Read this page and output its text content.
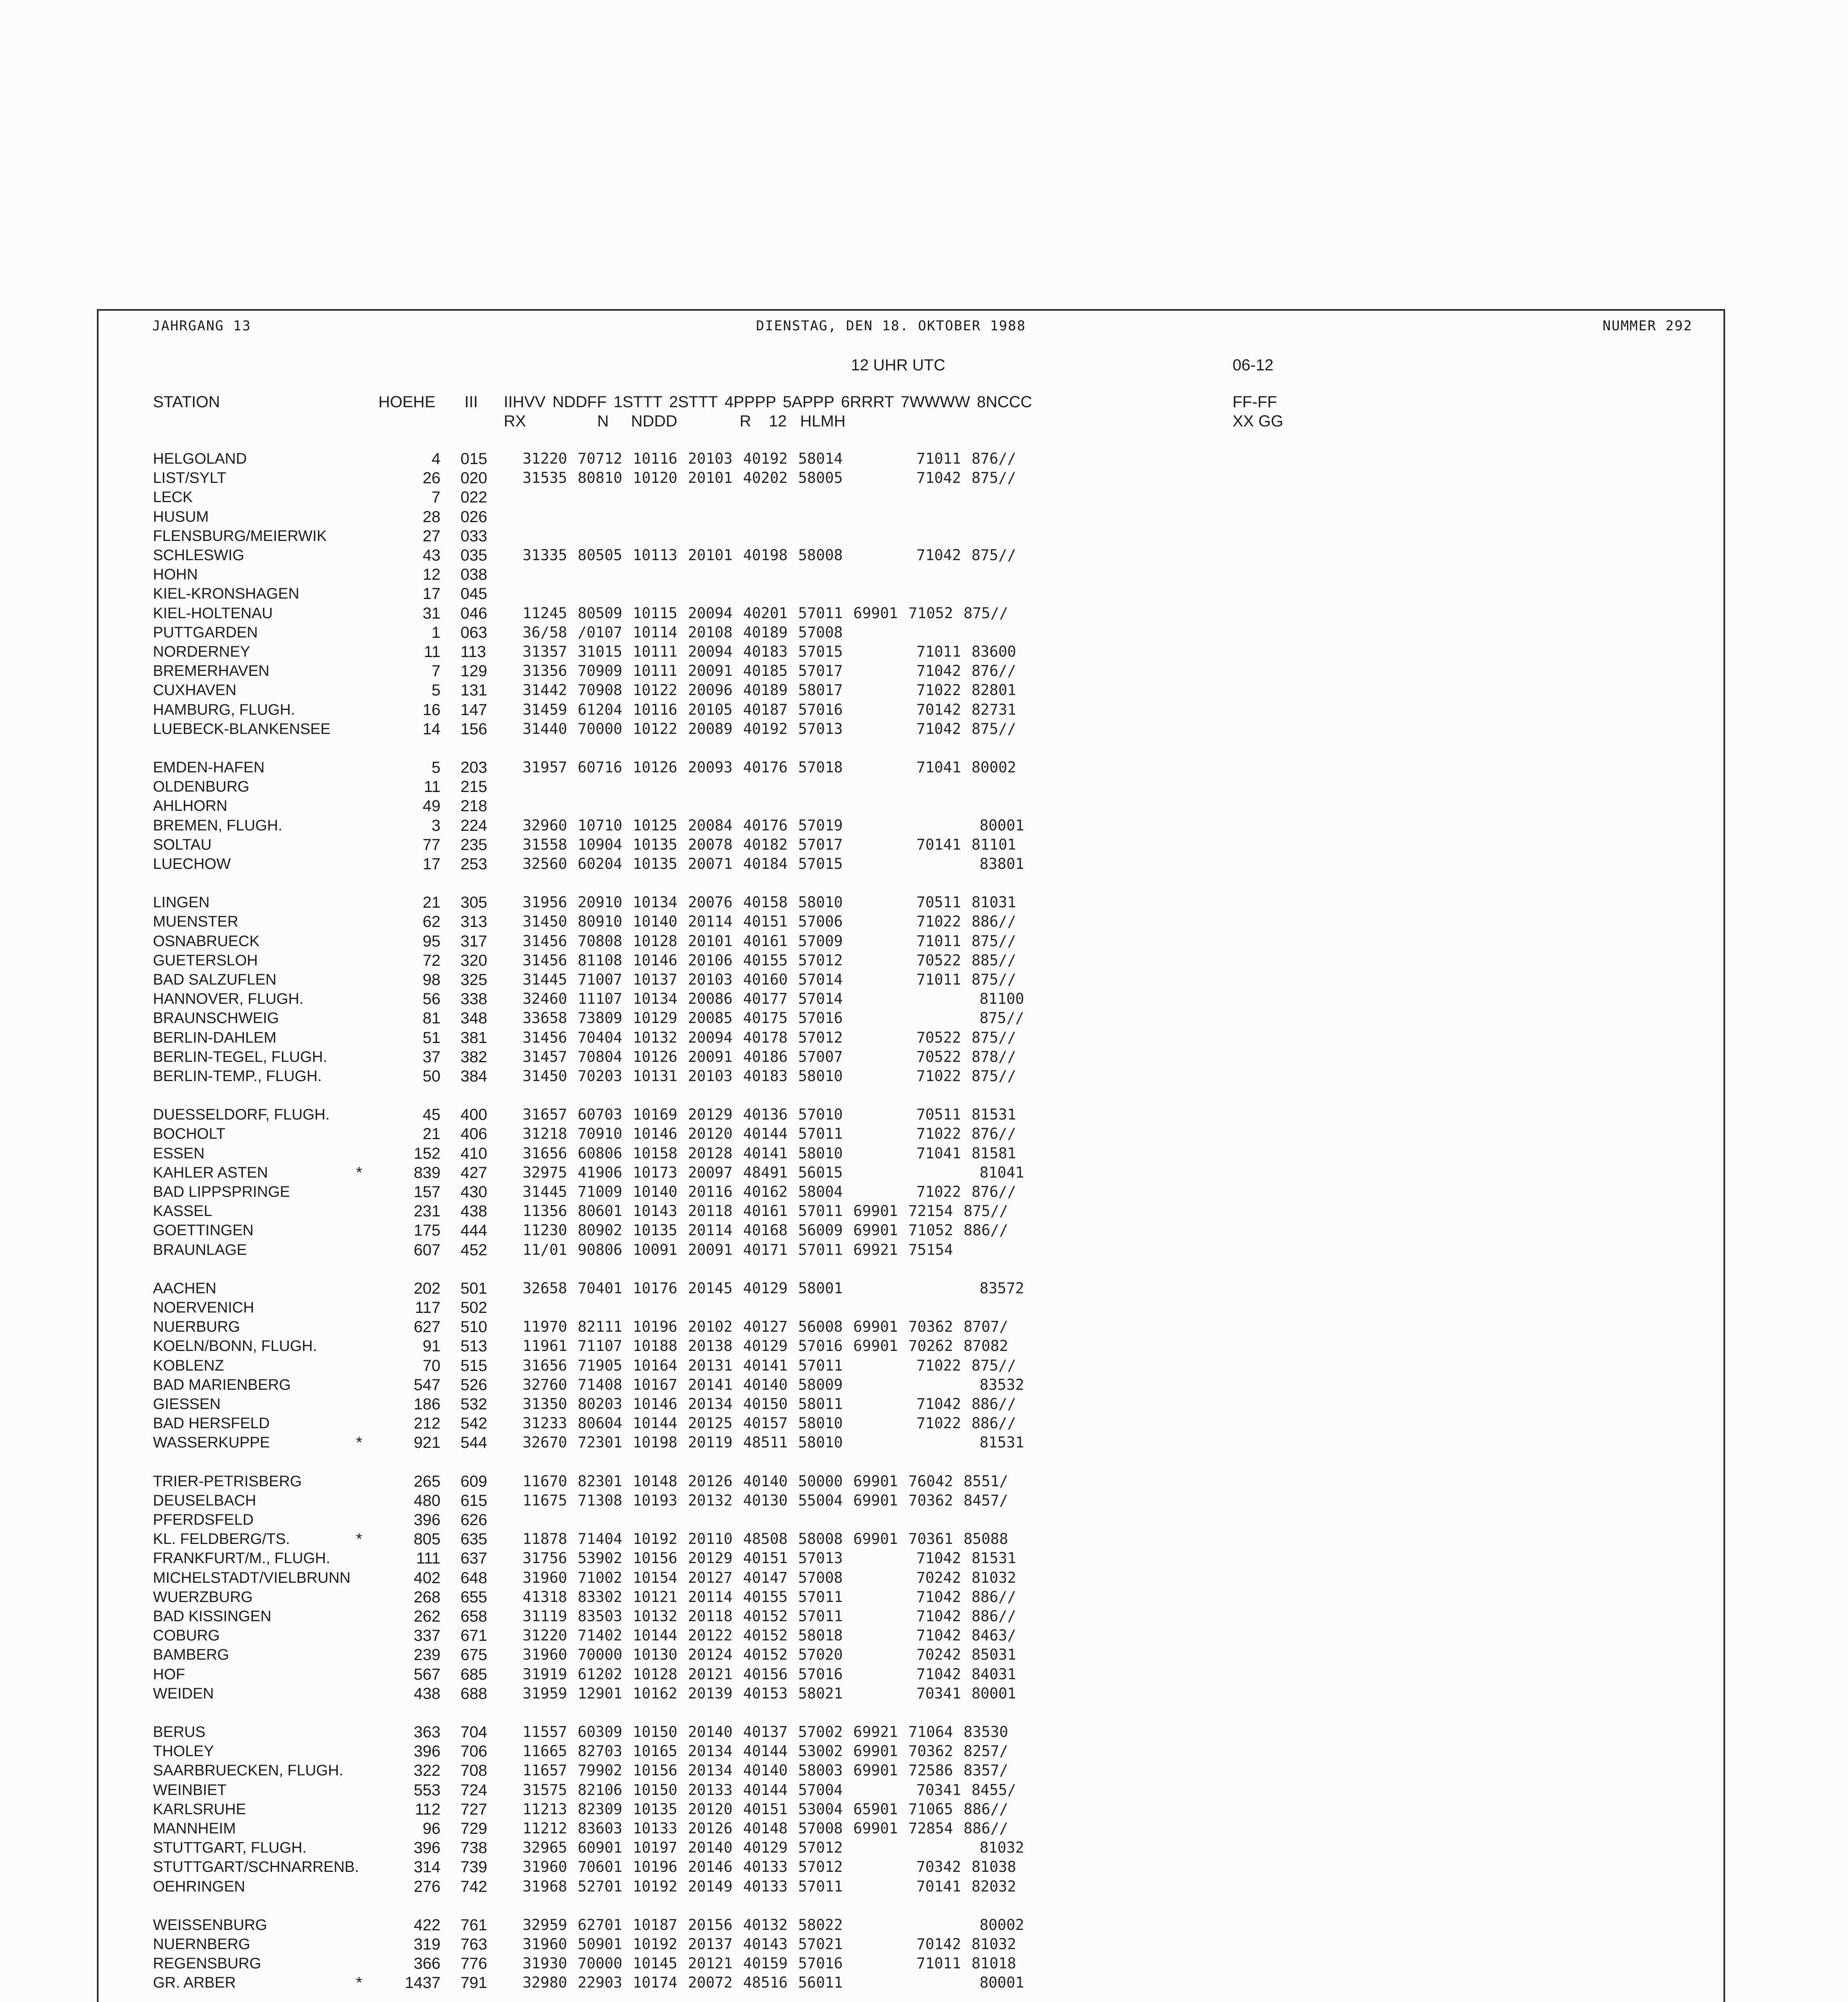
JAHRGANG 13	DIENSTAG, DEN 18. OKTOBER 1988	NUMMER 292
12 UHR UTC	06-12
STATION	HOEHE III IIHVV NDDFF 1STTT 2STTT 4PPPP 5APPP 6RRRT 7WWWW 8NCCC
RX                N     NDDD              R    12   HLMH
FF-FF
XX GG
HELGOLAND	4 015 31220 70712 10116 20103 40192 58014       71011 876//
LIST/SYLT	26 020 31535 80810 10120 20101 40202 58005       71042 875//
LECK	7 022
HUSUM	28 026
FLENSBURG/MEIERWIK	27 033
SCHLESWIG	43 035 31335 80505 10113 20101 40198 58008       71042 875//
HOHN	12 038
KIEL-KRONSHAGEN	17 045
KIEL-HOLTENAU	31 046 11245 80509 10115 20094 40201 57011 69901 71052 875//
PUTTGARDEN	1 063 36/58 /0107 10114 20108 40189 57008
NORDERNEY	11 113 31357 31015 10111 20094 40183 57015       71011 83600
BREMERHAVEN	7 129 31356 70909 10111 20091 40185 57017       71042 876//
CUXHAVEN	5 131 31442 70908 10122 20096 40189 58017       71022 82801
HAMBURG, FLUGH.	16 147 31459 61204 10116 20105 40187 57016       70142 82731
LUEBECK-BLANKENSEE	14 156 31440 70000 10122 20089 40192 57013       71042 875//
EMDEN-HAFEN	5 203 31957 60716 10126 20093 40176 57018       71041 80002
OLDENBURG	11 215
AHLHORN	49 218
BREMEN, FLUGH.	3 224 32960 10710 10125 20084 40176 57019             80001
SOLTAU	77 235 31558 10904 10135 20078 40182 57017       70141 81101
LUECHOW	17 253 32560 60204 10135 20071 40184 57015             83801
LINGEN	21 305 31956 20910 10134 20076 40158 58010       70511 81031
MUENSTER	62 313 31450 80910 10140 20114 40151 57006       71022 886//
OSNABRUECK	95 317 31456 70808 10128 20101 40161 57009       71011 875//
GUETERSLOH	72 320 31456 81108 10146 20106 40155 57012       70522 885//
BAD SALZUFLEN	98 325 31445 71007 10137 20103 40160 57014       71011 875//
HANNOVER, FLUGH.	56 338 32460 11107 10134 20086 40177 57014             81100
BRAUNSCHWEIG	81 348 33658 73809 10129 20085 40175 57016             875//
BERLIN-DAHLEM	51 381 31456 70404 10132 20094 40178 57012       70522 875//
BERLIN-TEGEL, FLUGH.	37 382 31457 70804 10126 20091 40186 57007       70522 878//
BERLIN-TEMP., FLUGH.	50 384 31450 70203 10131 20103 40183 58010       71022 875//
DUESSELDORF, FLUGH.	45 400 31657 60703 10169 20129 40136 57010       70511 81531
BOCHOLT	21 406 31218 70910 10146 20120 40144 57011       71022 876//
ESSEN	152 410 31656 60806 10158 20128 40141 58010       71041 81581
KAHLER ASTEN	*	839 427 32975 41906 10173 20097 48491 56015             81041
BAD LIPPSPRINGE	157 430 31445 71009 10140 20116 40162 58004       71022 876//
KASSEL	231 438 11356 80601 10143 20118 40161 57011 69901 72154 875//
GOETTINGEN	175 444 11230 80902 10135 20114 40168 56009 69901 71052 886//
BRAUNLAGE	607 452 11/01 90806 10091 20091 40171 57011 69921 75154
AACHEN	202 501 32658 70401 10176 20145 40129 58001             83572
NOERVENICH	117 502
NUERBURG	627 510 11970 82111 10196 20102 40127 56008 69901 70362 8707/
KOELN/BONN, FLUGH.	91 513 11961 71107 10188 20138 40129 57016 69901 70262 87082
KOBLENZ	70 515 31656 71905 10164 20131 40141 57011       71022 875//
BAD MARIENBERG	547 526 32760 71408 10167 20141 40140 58009             83532
GIESSEN	186 532 31350 80203 10146 20134 40150 58011       71042 886//
BAD HERSFELD	212 542 31233 80604 10144 20125 40157 58010       71022 886//
WASSERKUPPE	*	921 544 32670 72301 10198 20119 48511 58010             81531
TRIER-PETRISBERG	265 609 11670 82301 10148 20126 40140 50000 69901 76042 8551/
DEUSELBACH	480 615 11675 71308 10193 20132 40130 55004 69901 70362 8457/
PFERDSFELD	396 626
KL. FELDBERG/TS.	*	805 635 11878 71404 10192 20110 48508 58008 69901 70361 85088
FRANKFURT/M., FLUGH.	111 637 31756 53902 10156 20129 40151 57013       71042 81531
MICHELSTADT/VIELBRUNN	402 648 31960 71002 10154 20127 40147 57008       70242 81032
WUERZBURG	268 655 41318 83302 10121 20114 40155 57011       71042 886//
BAD KISSINGEN	262 658 31119 83503 10132 20118 40152 57011       71042 886//
COBURG	337 671 31220 71402 10144 20122 40152 58018       71042 8463/
BAMBERG	239 675 31960 70000 10130 20124 40152 57020       70242 85031
HOF	567 685 31919 61202 10128 20121 40156 57016       71042 84031
WEIDEN	438 688 31959 12901 10162 20139 40153 58021       70341 80001
BERUS	363 704 11557 60309 10150 20140 40137 57002 69921 71064 83530
THOLEY	396 706 11665 82703 10165 20134 40144 53002 69901 70362 8257/
SAARBRUECKEN, FLUGH.	322 708 11657 79902 10156 20134 40140 58003 69901 72586 8357/
WEINBIET	553 724 31575 82106 10150 20133 40144 57004       70341 8455/
KARLSRUHE	112 727 11213 82309 10135 20120 40151 53004 65901 71065 886//
MANNHEIM	96 729 11212 83603 10133 20126 40148 57008 69901 72854 886//
STUTTGART, FLUGH.	396 738 32965 60901 10197 20140 40129 57012             81032
STUTTGART/SCHNARRENB.	314 739 31960 70601 10196 20146 40133 57012       70342 81038
OEHRINGEN	276 742 31968 52701 10192 20149 40133 57011       70141 82032
WEISSENBURG	422 761 32959 62701 10187 20156 40132 58022             80002
NUERNBERG	319 763 31960 50901 10192 20137 40143 57021       70142 81032
REGENSBURG	366 776 31930 70000 10145 20121 40159 57016       71011 81018
GR. ARBER	*	1437 791 32980 22903 10174 20072 48516 56011             80001
